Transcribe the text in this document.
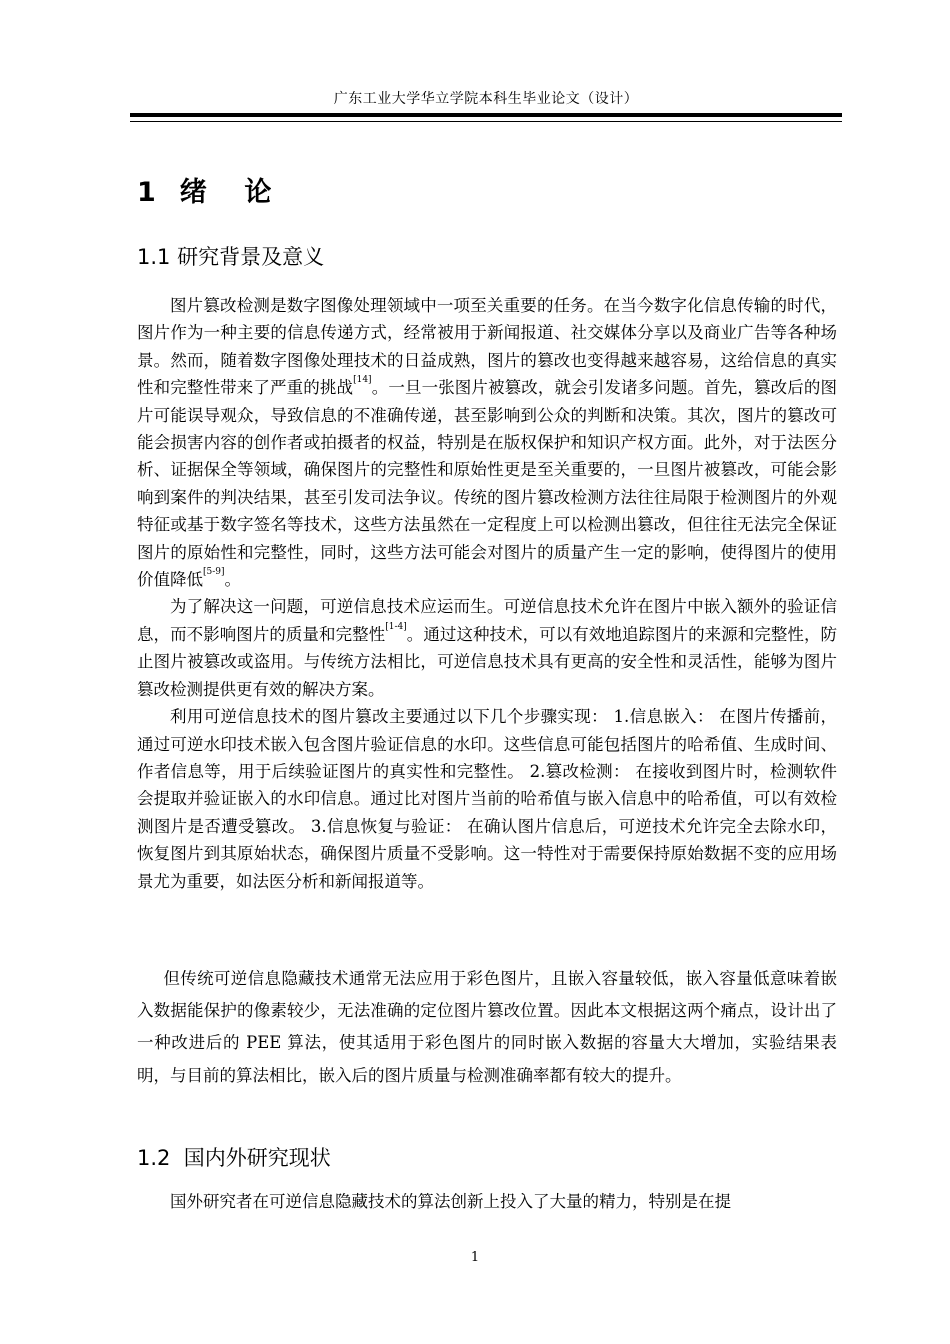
广东工业大学华立学院本科生毕业论文（设计）
1 绪    论
1.1 研究背景及意义

图片篡改检测是数字图像处理领域中一项至关重要的任务。在当今数字化信息传输的时代，图片作为一种主要的信息传递方式，经常被用于新闻报道、社交媒体分享以及商业广告等各种场景。然而，随着数字图像处理技术的日益成熟，图片的篡改也变得越来越容易，这给信息的真实性和完整性带来了严重的挑战[14]。一旦一张图片被篡改，就会引发诸多问题。首先，篡改后的图片可能误导观众，导致信息的不准确传递，甚至影响到公众的判断和决策。其次，图片的篡改可能会损害内容的创作者或拍摄者的权益，特别是在版权保护和知识产权方面。此外，对于法医分析、证据保全等领域，确保图片的完整性和原始性更是至关重要的，一旦图片被篡改，可能会影响到案件的判决结果，甚至引发司法争议。传统的图片篡改检测方法往往局限于检测图片的外观特征或基于数字签名等技术，这些方法虽然在一定程度上可以检测出篡改，但往往无法完全保证图片的原始性和完整性，同时，这些方法可能会对图片的质量产生一定的影响，使得图片的使用价值降低[5-9]。

为了解决这一问题，可逆信息技术应运而生。可逆信息技术允许在图片中嵌入额外的验证信息，而不影响图片的质量和完整性[1-4]。通过这种技术，可以有效地追踪图片的来源和完整性，防止图片被篡改或盗用。与传统方法相比，可逆信息技术具有更高的安全性和灵活性，能够为图片篡改检测提供更有效的解决方案。

利用可逆信息技术的图片篡改主要通过以下几个步骤实现： 1.信息嵌入： 在图片传播前，通过可逆水印技术嵌入包含图片验证信息的水印。这些信息可能包括图片的哈希值、生成时间、作者信息等，用于后续验证图片的真实性和完整性。 2.篡改检测： 在接收到图片时，检测软件会提取并验证嵌入的水印信息。通过比对图片当前的哈希值与嵌入信息中的哈希值，可以有效检测图片是否遭受篡改。 3.信息恢复与验证： 在确认图片信息后，可逆技术允许完全去除水印，恢复图片到其原始状态，确保图片质量不受影响。这一特性对于需要保持原始数据不变的应用场景尤为重要，如法医分析和新闻报道等。

但传统可逆信息隐藏技术通常无法应用于彩色图片，且嵌入容量较低，嵌入容量低意味着嵌入数据能保护的像素较少，无法准确的定位图片篡改位置。因此本文根据这两个痛点，设计出了一种改进后的 PEE 算法，使其适用于彩色图片的同时嵌入数据的容量大大增加，实验结果表明，与目前的算法相比，嵌入后的图片质量与检测准确率都有较大的提升。

1.2  国内外研究现状

国外研究者在可逆信息隐藏技术的算法创新上投入了大量的精力，特别是在提

1
